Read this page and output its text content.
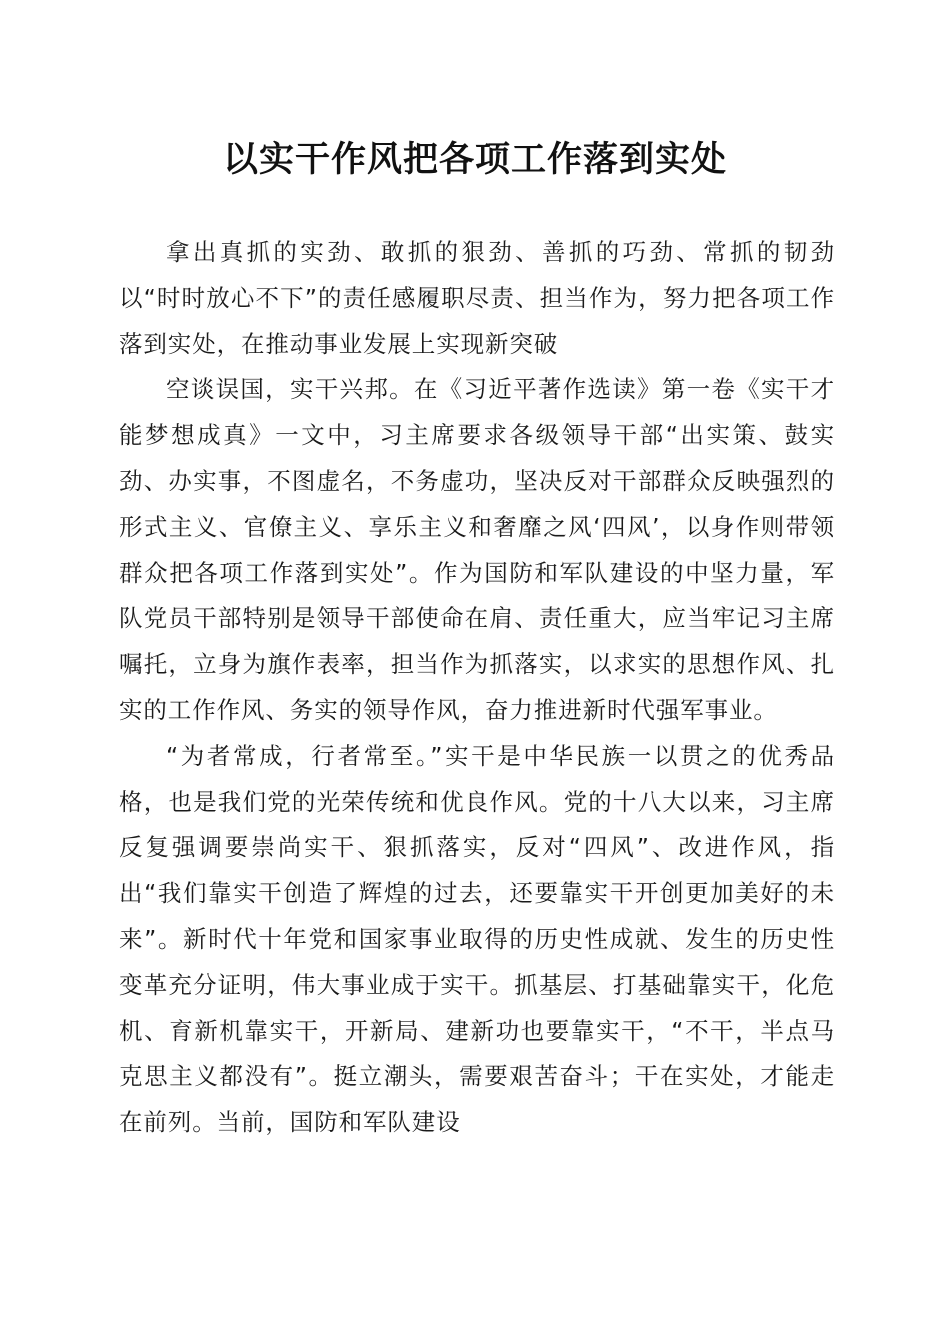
以实干作风把各项工作落到实处

拿出真抓的实劲、敢抓的狠劲、善抓的巧劲、常抓的韧劲以“时时放心不下”的责任感履职尽责、担当作为，努力把各项工作落到实处，在推动事业发展上实现新突破

空谈误国，实干兴邦。在《习近平著作选读》第一卷《实干才能梦想成真》一文中，习主席要求各级领导干部“出实策、鼓实劲、办实事，不图虚名，不务虚功，坚决反对干部群众反映强烈的形式主义、官僚主义、享乐主义和奢靡之风‘四风’，以身作则带领群众把各项工作落到实处”。作为国防和军队建设的中坚力量，军队党员干部特别是领导干部使命在肩、责任重大，应当牢记习主席嘱托，立身为旗作表率，担当作为抓落实，以求实的思想作风、扎实的工作作风、务实的领导作风，奋力推进新时代强军事业。

“为者常成，行者常至。”实干是中华民族一以贯之的优秀品格，也是我们党的光荣传统和优良作风。党的十八大以来，习主席反复强调要崇尚实干、狠抓落实，反对“四风”、改进作风，指出“我们靠实干创造了辉煌的过去，还要靠实干开创更加美好的未来”。新时代十年党和国家事业取得的历史性成就、发生的历史性变革充分证明，伟大事业成于实干。抓基层、打基础靠实干，化危机、育新机靠实干，开新局、建新功也要靠实干，“不干，半点马克思主义都没有”。挺立潮头，需要艰苦奋斗；干在实处，才能走在前列。当前，国防和军队建设
